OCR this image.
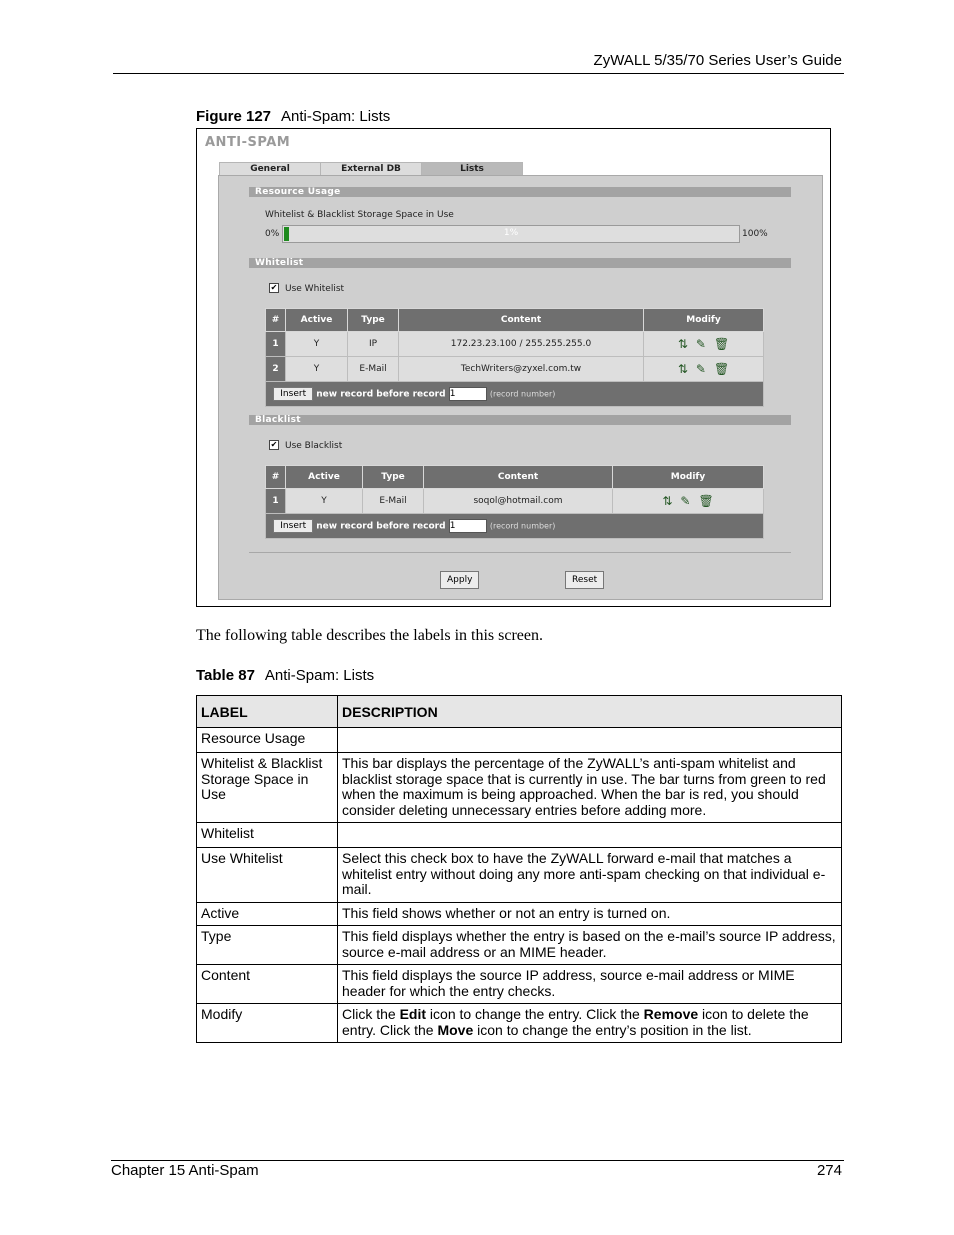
ZyWALL 5/35/70 Series User’s Guide
Figure 127 Anti-Spam: Lists
ANTI-SPAM
General	External DB	Lists
Resource Usage
Whitelist & Blacklist Storage Space in Use
0%	1%	100%
Whitelist
✔ Use Whitelist
#	Active	Type	Content	Modify
1	Y	IP	172.23.23.100 / 255.255.255.0	⇅ ✎ 🗑
2	Y	E-Mail	TechWriters@zyxel.com.tw	⇅ ✎ 🗑
Insert new record before record 1 (record number)				
Blacklist
✔ Use Blacklist
#	Active	Type	Content	Modify
1	Y	E-Mail	soqol@hotmail.com	⇅ ✎ 🗑
Insert new record before record 1 (record number)				
Apply	Reset
The following table describes the labels in this screen.
Table 87 Anti-Spam: Lists
LABEL	DESCRIPTION
Resource Usage	
Whitelist & Blacklist Storage Space in Use	This bar displays the percentage of the ZyWALL’s anti-spam whitelist and blacklist storage space that is currently in use. The bar turns from green to red when the maximum is being approached. When the bar is red, you should consider deleting unnecessary entries before adding more.
Whitelist	
Use Whitelist	Select this check box to have the ZyWALL forward e-mail that matches a whitelist entry without doing any more anti-spam checking on that individual e-mail.
Active	This field shows whether or not an entry is turned on.
Type	This field displays whether the entry is based on the e-mail’s source IP address, source e-mail address or an MIME header.
Content	This field displays the source IP address, source e-mail address or MIME header for which the entry checks.
Modify	Click the Edit icon to change the entry. Click the Remove icon to delete the entry. Click the Move icon to change the entry’s position in the list.
Chapter 15 Anti-Spam	274
